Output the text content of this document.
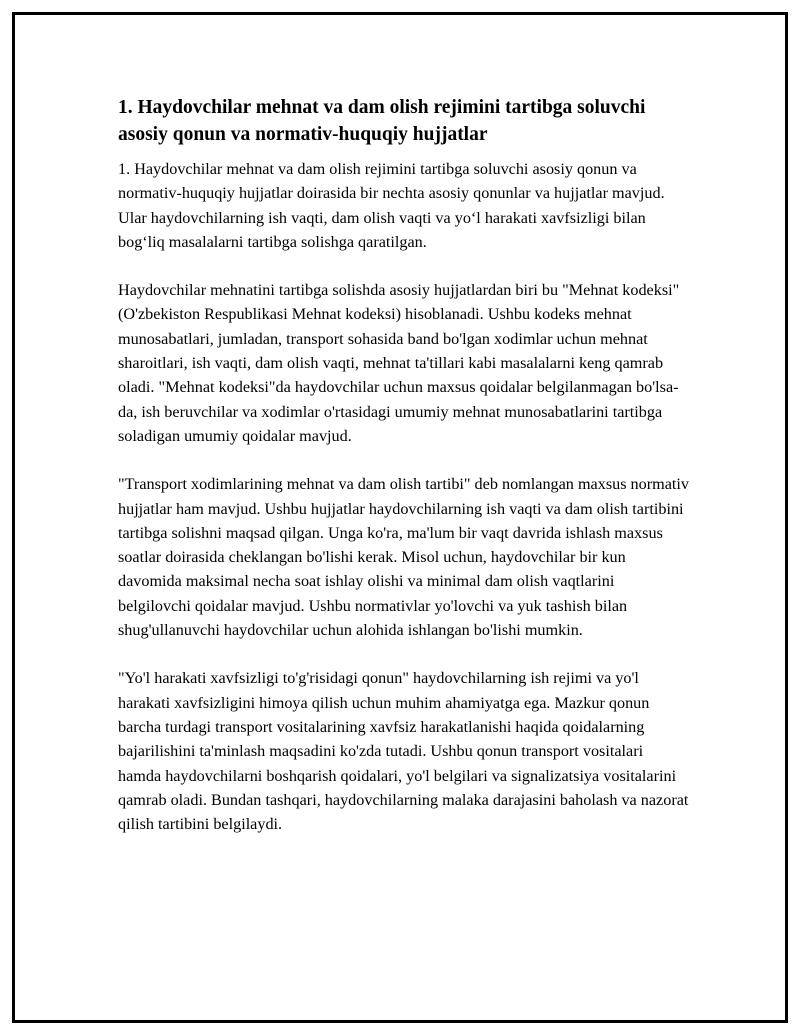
1. Haydovchilar mehnat va dam olish rejimini tartibga soluvchi asosiy qonun va normativ-huquqiy hujjatlar

1. Haydovchilar mehnat va dam olish rejimini tartibga soluvchi asosiy qonun va normativ-huquqiy hujjatlar doirasida bir nechta asosiy qonunlar va hujjatlar mavjud. Ular haydovchilarning ish vaqti, dam olish vaqti va yo‘l harakati xavfsizligi bilan bog‘liq masalalarni tartibga solishga qaratilgan.

Haydovchilar mehnatini tartibga solishda asosiy hujjatlardan biri bu "Mehnat kodeksi" (O'zbekiston Respublikasi Mehnat kodeksi) hisoblanadi. Ushbu kodeks mehnat munosabatlari, jumladan, transport sohasida band bo'lgan xodimlar uchun mehnat sharoitlari, ish vaqti, dam olish vaqti, mehnat ta'tillari kabi masalalarni keng qamrab oladi. "Mehnat kodeksi"da haydovchilar uchun maxsus qoidalar belgilanmagan bo'lsa-da, ish beruvchilar va xodimlar o'rtasidagi umumiy mehnat munosabatlarini tartibga soladigan umumiy qoidalar mavjud.

"Transport xodimlarining mehnat va dam olish tartibi" deb nomlangan maxsus normativ hujjatlar ham mavjud. Ushbu hujjatlar haydovchilarning ish vaqti va dam olish tartibini tartibga solishni maqsad qilgan. Unga ko'ra, ma'lum bir vaqt davrida ishlash maxsus soatlar doirasida cheklangan bo'lishi kerak. Misol uchun, haydovchilar bir kun davomida maksimal necha soat ishlay olishi va minimal dam olish vaqtlarini belgilovchi qoidalar mavjud. Ushbu normativlar yo'lovchi va yuk tashish bilan shug'ullanuvchi haydovchilar uchun alohida ishlangan bo'lishi mumkin.

"Yo'l harakati xavfsizligi to'g'risidagi qonun" haydovchilarning ish rejimi va yo'l harakati xavfsizligini himoya qilish uchun muhim ahamiyatga ega. Mazkur qonun barcha turdagi transport vositalarining xavfsiz harakatlanishi haqida qoidalarning bajarilishini ta'minlash maqsadini ko'zda tutadi. Ushbu qonun transport vositalari hamda haydovchilarni boshqarish qoidalari, yo'l belgilari va signalizatsiya vositalarini qamrab oladi. Bundan tashqari, haydovchilarning malaka darajasini baholash va nazorat qilish tartibini belgilaydi.
